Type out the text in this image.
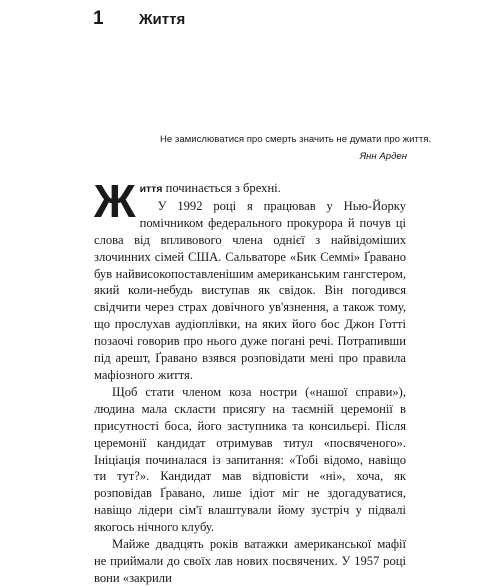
1	Життя
Не замислюватися про смерть значить не думати про життя.
Янн Арден

Життя починається з брехні.

У 1992 році я працював у Нью-Йорку помічником федерального прокурора й почув ці слова від впливового члена однієї з найвідоміших злочинних сімей США. Сальваторе «Бик Семмі» Ґравано був найвисокопоставленішим американським гангстером, який коли-небудь виступав як свідок. Він погодився свідчити через страх довічного ув'язнення, а також тому, що прослухав аудіоплівки, на яких його бос Джон Готті позаочі говорив про нього дуже погані речі. Потрапивши під арешт, Ґравано взявся розповідати мені про правила мафіозного життя.

Щоб стати членом коза ностри («нашої справи»), людина мала скласти присягу на таємній церемонії в присутності боса, його заступника та консильєрі. Після церемонії кандидат отримував титул «посвяченого». Ініціація починалася із запитання: «Тобі відомо, навіщо ти тут?». Кандидат мав відповісти «ні», хоча, як розповідав Ґравано, лише ідіот міг не здогадуватися, навіщо лідери сім'ї влаштували йому зустріч у підвалі якогось нічного клубу.

Майже двадцять років ватажки американської мафії не приймали до своїх лав нових посвячених. У 1957 році вони «закрили
